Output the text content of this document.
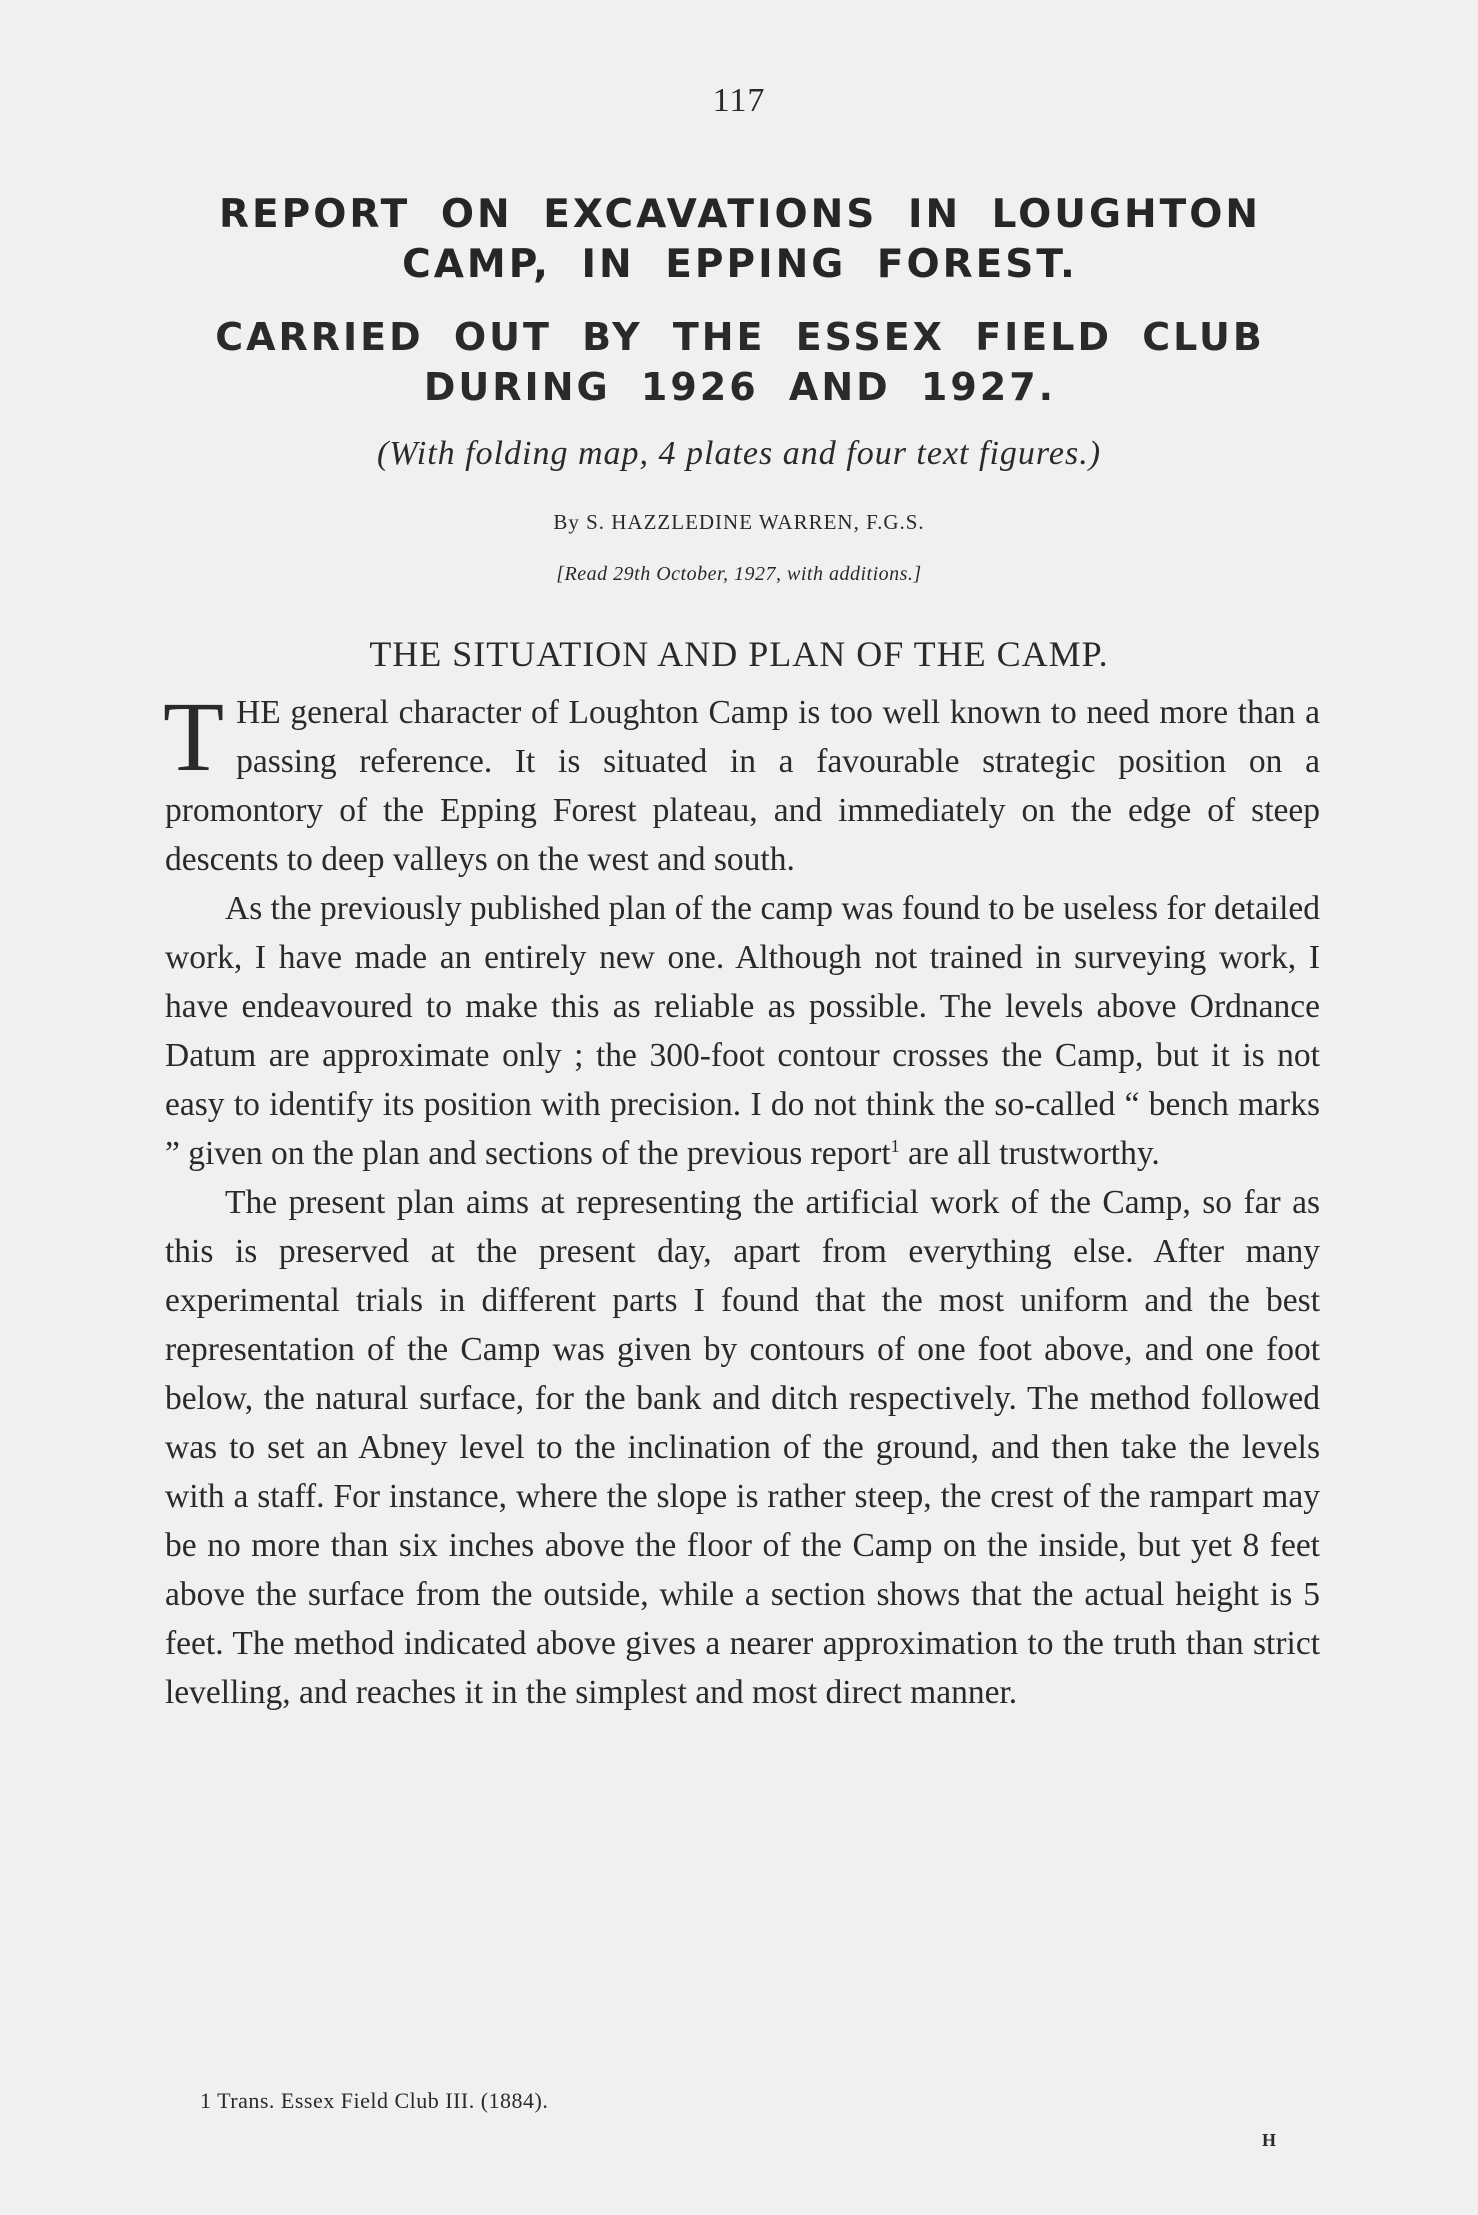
117
REPORT ON EXCAVATIONS IN LOUGHTON
CAMP, IN EPPING FOREST.
CARRIED OUT BY THE ESSEX FIELD CLUB
DURING 1926 AND 1927.
(With folding map, 4 plates and four text figures.)
By S. HAZZLEDINE WARREN, F.G.S.
[Read 29th October, 1927, with additions.]
THE SITUATION AND PLAN OF THE CAMP.

THE general character of Loughton Camp is too well known to need more than a passing reference. It is situated in a favourable strategic position on a promontory of the Epping Forest plateau, and immediately on the edge of steep descents to deep valleys on the west and south.

As the previously published plan of the camp was found to be useless for detailed work, I have made an entirely new one. Although not trained in surveying work, I have endeavoured to make this as reliable as possible. The levels above Ordnance Datum are approximate only ; the 300-foot contour crosses the Camp, but it is not easy to identify its position with precision. I do not think the so-called “ bench marks ” given on the plan and sections of the previous report$^1$ are all trustworthy.

The present plan aims at representing the artificial work of the Camp, so far as this is preserved at the present day, apart from everything else. After many experimental trials in different parts I found that the most uniform and the best representation of the Camp was given by contours of one foot above, and one foot below, the natural surface, for the bank and ditch respectively. The method followed was to set an Abney level to the inclination of the ground, and then take the levels with a staff. For instance, where the slope is rather steep, the crest of the rampart may be no more than six inches above the floor of the Camp on the inside, but yet 8 feet above the surface from the outside, while a section shows that the actual height is 5 feet. The method indicated above gives a nearer approximation to the truth than strict levelling, and reaches it in the simplest and most direct manner.

1 Trans. Essex Field Club III. (1884).
H
